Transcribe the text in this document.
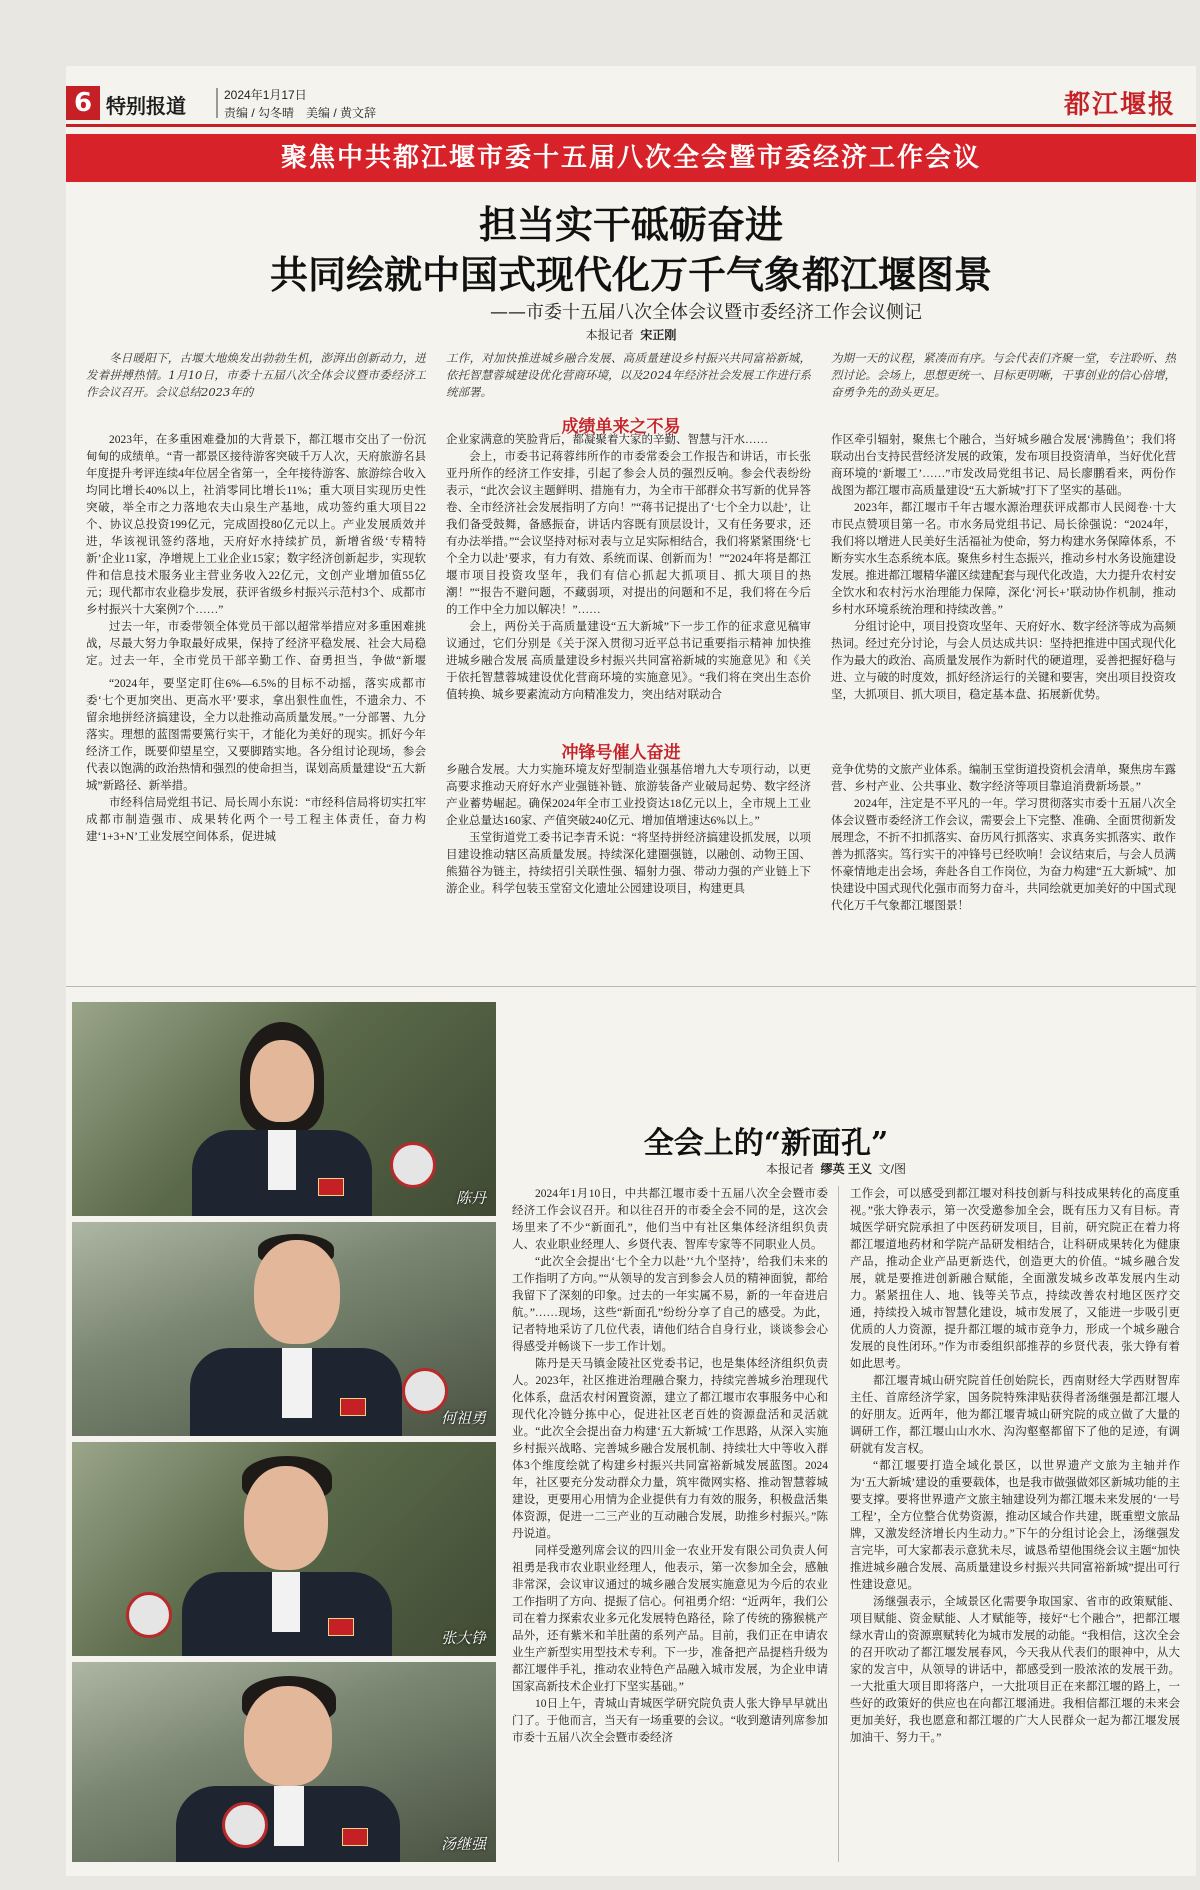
6 特别报道	2024年1月17日
责编 / 勾冬晴　美编 / 黄文辞	都江堰报
聚焦中共都江堰市委十五届八次全会暨市委经济工作会议
担当实干砥砺奋进
共同绘就中国式现代化万千气象都江堰图景
——市委十五届八次全体会议暨市委经济工作会议侧记
本报记者 宋正刚

冬日暖阳下，古堰大地焕发出勃勃生机，澎湃出创新动力，迸发着拼搏热情。1月10日，市委十五届八次全体会议暨市委经济工作会议召开。会议总结2023年的

工作，对加快推进城乡融合发展、高质量建设乡村振兴共同富裕新城，依托智慧蓉城建设优化营商环境，以及2024年经济社会发展工作进行系统部署。

为期一天的议程，紧凑而有序。与会代表们齐聚一堂，专注聆听、热烈讨论。会场上，思想更统一、目标更明晰，干事创业的信心倍增，奋勇争先的劲头更足。

成绩单来之不易

2023年，在多重困难叠加的大背景下，都江堰市交出了一份沉甸甸的成绩单。“青一都景区接待游客突破千万人次，天府旅游名县年度提升考评连续4年位居全省第一，全年接待游客、旅游综合收入均同比增长40%以上，社消零同比增长11%；重大项目实现历史性突破，举全市之力落地农夫山泉生产基地，成功签约重大项目22个、协议总投资199亿元，完成固投80亿元以上。产业发展质效并进，华该视讯签约落地，天府好水持续扩员，新增省级‘专精特新’企业11家，净增规上工业企业15家；数字经济创新起步，实现软件和信息技术服务业主营业务收入22亿元，文创产业增加值55亿元；现代都市农业稳步发展，获评省级乡村振兴示范村3个、成都市乡村振兴十大案例7个……”

过去一年，市委带领全体党员干部以超常举措应对多重困难挑战，尽最大努力争取最好成果，保持了经济平稳发展、社会大局稳定。过去一年，全市党员干部辛勤工作、奋勇担当，争做“新堰

企业家满意的笑脸背后，都凝聚着大家的辛勤、智慧与汗水……

会上，市委书记蒋蓉纬所作的市委常委会工作报告和讲话，市长张亚丹所作的经济工作安排，引起了参会人员的强烈反响。参会代表纷纷表示，“此次会议主题鲜明、措施有力，为全市干部群众书写新的优异答卷、全市经济社会发展指明了方向！”“蒋书记提出了‘七个全力以赴’，让我们备受鼓舞，备感振奋，讲话内容既有顶层设计，又有任务要求，还有办法举措。”“会议坚持对标对表与立足实际相结合，我们将紧紧围绕‘七个全力以赴’要求，有力有效、系统而谋、创新而为！”“2024年将是都江堰市项目投资攻坚年，我们有信心抓起大抓项目、抓大项目的热潮！”“报告不避问题，不藏弱项，对提出的问题和不足，我们将在今后的工作中全力加以解决！”……

会上，两份关于高质量建设“五大新城”下一步工作的征求意见稿审议通过，它们分别是《关于深入贯彻习近平总书记重要指示精神 加快推进城乡融合发展 高质量建设乡村振兴共同富裕新城的实施意见》和《关于依托智慧蓉城建设优化营商环境的实施意见》。“我们将在突出生态价值转换、城乡要素流动方向精准发力，突出结对联动合

作区牵引辐射，聚焦七个融合，当好城乡融合发展‘沸腾鱼’；我们将联动出台支持民营经济发展的政策，发布项目投资清单，当好优化营商环境的‘新堰工’……”市发改局党组书记、局长廖鹏看来，两份作战图为都江堰市高质量建设“五大新城”打下了坚实的基础。

2023年，都江堰市千年古堰水源治理获评成都市人民阅卷·十大市民点赞项目第一名。市水务局党组书记、局长徐强说：“2024年，我们将以增进人民美好生活福祉为使命，努力构建水务保障体系，不断夯实水生态系统本底。聚焦乡村生态振兴，推动乡村水务设施建设发展。推进都江堰精华灌区续建配套与现代化改造，大力提升农村安全饮水和农村污水治理能力保障，深化‘河长+’联动协作机制，推动乡村水环境系统治理和持续改善。”

分组讨论中，项目投资攻坚年、天府好水、数字经济等成为高频热词。经过充分讨论，与会人员达成共识：坚持把推进中国式现代化作为最大的政治、高质量发展作为新时代的硬道理，妥善把握好稳与进、立与破的时度效，抓好经济运行的关键和要害，突出项目投资攻坚，大抓项目、抓大项目，稳定基本盘、拓展新优势。

冲锋号催人奋进

“2024年，要坚定盯住6%—6.5%的目标不动摇，落实成都市委‘七个更加突出、更高水平’要求，拿出狠性血性，不遗余力、不留余地拼经济搞建设，全力以赴推动高质量发展。”一分部署、九分落实。理想的蓝图需要篤行实干，才能化为美好的现实。抓好今年经济工作，既要仰望星空，又要脚踏实地。各分组讨论现场，参会代表以饱满的政治热情和强烈的使命担当，谋划高质量建设“五大新城”新路径、新举措。

市经科信局党组书记、局长周小东说：“市经科信局将切实扛牢成都市制造强市、成果转化两个一号工程主体责任，奋力构建‘1+3+N’工业发展空间体系，促进城

乡融合发展。大力实施环境友好型制造业强基倍增九大专项行动，以更高要求推动天府好水产业强链补链、旅游装备产业破局起势、数字经济产业蓄势崛起。确保2024年全市工业投资达18亿元以上，全市规上工业企业总量达160家、产值突破240亿元、增加值增速达6%以上。”

玉堂街道党工委书记李青禾说：“将坚持拼经济搞建设抓发展，以项目建设推动辖区高质量发展。持续深化建圈强链，以融创、动物王国、熊猫谷为链主，持续招引关联性强、辐射力强、带动力强的产业链上下游企业。科学包装玉堂窑文化遗址公园建设项目，构建更具

竞争优势的文旅产业体系。编制玉堂街道投资机会清单，聚焦房车露营、乡村产业、公共事业、数字经济等项目靠追消费新场景。”

2024年，注定是不平凡的一年。学习贯彻落实市委十五届八次全体会议暨市委经济工作会议，需要会上下完整、准确、全面贯彻新发展理念，不折不扣抓落实、奋历风行抓落实、求真务实抓落实、敢作善为抓落实。笃行实干的冲锋号已经吹响！会议结束后，与会人员满怀豪情地走出会场，奔赴各自工作岗位，为奋力构建“五大新城”、加快建设中国式现代化强市而努力奋斗，共同绘就更加美好的中国式现代化万千气象都江堰图景！

陈丹
何祖勇
张大铮
汤继强
全会上的“新面孔”
本报记者 缪英 王义 文/图

2024年1月10日，中共都江堰市委十五届八次全会暨市委经济工作会议召开。和以往召开的市委全会不同的是，这次会场里来了不少“新面孔”，他们当中有社区集体经济组织负责人、农业职业经理人、乡贤代表、智库专家等不同职业人员。

“此次全会提出‘七个全力以赴’‘九个坚持’，给我们未来的工作指明了方向。”“从领导的发言到参会人员的精神面貌，都给我留下了深刻的印象。过去的一年实属不易，新的一年奋进启航。”……现场，这些“新面孔”纷纷分享了自己的感受。为此，记者特地采访了几位代表，请他们结合自身行业，谈谈参会心得感受并畅谈下一步工作计划。

陈丹是天马镇金陵社区党委书记，也是集体经济组织负责人。2023年，社区推进治理融合聚力，持续完善城乡治理现代化体系，盘活农村闲置资源，建立了都江堰市农事服务中心和现代化冷链分拣中心，促进社区老百姓的资源盘活和灵活就业。“此次全会提出奋力构建‘五大新城’工作思路，从深入实施乡村振兴战略、完善城乡融合发展机制、持续壮大中等收入群体3个维度绘就了构建乡村振兴共同富裕新城发展蓝图。2024年，社区要充分发动群众力量，筑牢微网实格、推动智慧蓉城建设，更要用心用情为企业提供有力有效的服务，积极盘活集体资源，促进一二三产业的互动融合发展，助推乡村振兴。”陈丹说道。

同样受邀列席会议的四川金一农业开发有限公司负责人何祖勇是我市农业职业经理人，他表示，第一次参加全会，感触非常深，会议审议通过的城乡融合发展实施意见为今后的农业工作指明了方向、提振了信心。何祖勇介绍：“近两年，我们公司在着力探索农业多元化发展特色路径，除了传统的猕猴桃产品外，还有紫米和羊肚菌的系列产品。目前，我们正在申请农业生产新型实用型技术专利。下一步，准备把产品提档升级为都江堰伴手礼，推动农业特色产品融入城市发展，为企业申请国家高新技术企业打下坚实基础。”

10日上午，青城山青城医学研究院负责人张大铮早早就出门了。于他而言，当天有一场重要的会议。“收到邀请列席参加市委十五届八次全会暨市委经济

工作会，可以感受到都江堰对科技创新与科技成果转化的高度重视。”张大铮表示，第一次受邀参加全会，既有压力又有目标。青城医学研究院承担了中医药研发项目，目前，研究院正在着力将都江堰道地药材和学院产品研发相结合，让科研成果转化为健康产品，推动企业产品更新迭代，创造更大的价值。“城乡融合发展，就是要推进创新融合赋能，全面激发城乡改革发展内生动力。紧紧扭住人、地、钱等关节点，持续改善农村地区医疗交通，持续投入城市智慧化建设，城市发展了，又能进一步吸引更优质的人力资源，提升都江堰的城市竞争力，形成一个城乡融合发展的良性闭环。”作为市委组织部推荐的乡贤代表，张大铮有着如此思考。

都江堰青城山研究院首任创始院长，西南财经大学西财智库主任、首席经济学家，国务院特殊津贴获得者汤继强是都江堰人的好朋友。近两年，他为都江堰青城山研究院的成立做了大量的调研工作，都江堰山山水水、沟沟壑壑都留下了他的足迹，有调研就有发言权。

“都江堰要打造全域化景区，以世界遗产文旅为主轴并作为‘五大新城’建设的重要载体，也是我市做强做郊区新城功能的主要支撑。要将世界遗产文旅主轴建设列为都江堰未来发展的‘一号工程’，全方位整合优势资源，推动区域合作共建，既重塑文旅品牌，又激发经济增长内生动力。”下午的分组讨论会上，汤继强发言完毕，可大家都表示意犹未尽，诚恳希望他围绕会议主题“加快推进城乡融合发展、高质量建设乡村振兴共同富裕新城”提出可行性建设意见。

汤继强表示，全域景区化需要争取国家、省市的政策赋能、项目赋能、资金赋能、人才赋能等，接好“七个融合”，把都江堰绿水青山的资源禀赋转化为城市发展的动能。“我相信，这次全会的召开吹动了都江堰发展春风，今天我从代表们的眼神中，从大家的发言中，从领导的讲话中，都感受到一股浓浓的发展干劲。一大批重大项目即将落户，一大批项目正在来都江堰的路上，一些好的政策好的供应也在向都江堰涌进。我相信都江堰的未来会更加美好，我也愿意和都江堰的广大人民群众一起为都江堰发展加油干、努力干。”
